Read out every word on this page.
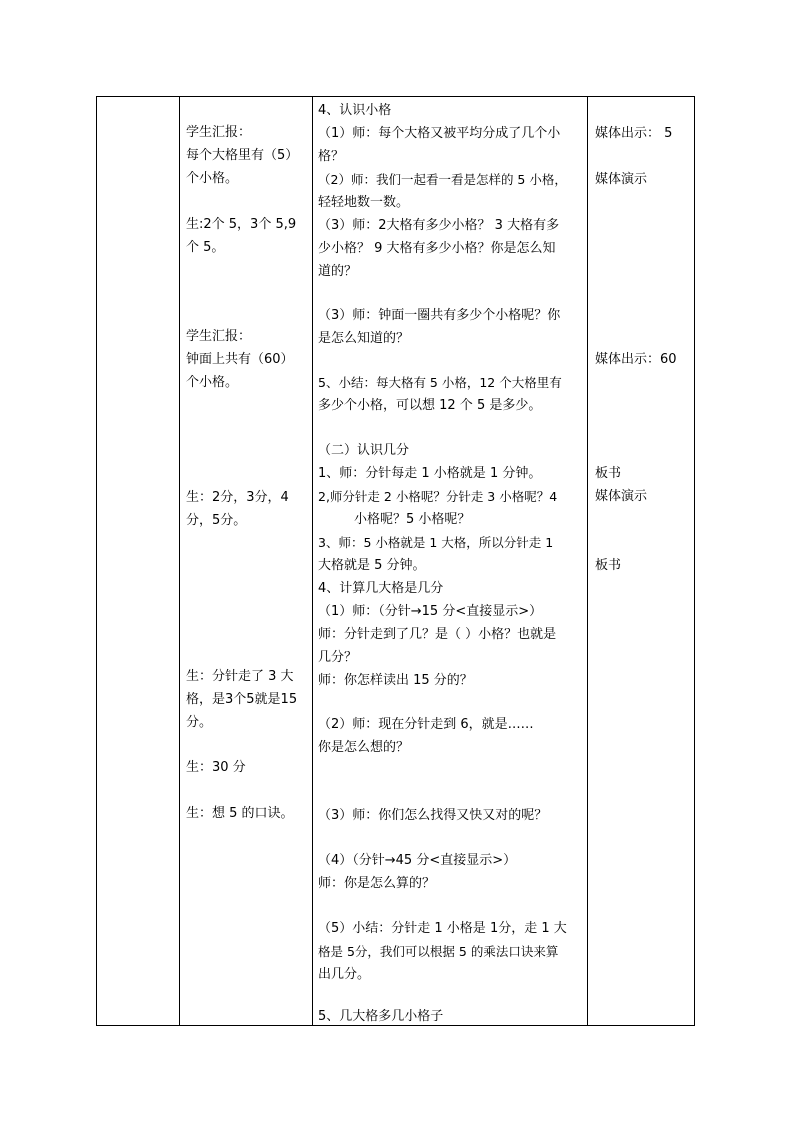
学生汇报：
每个大格里有（5）
个小格。
生:2个 5，3个 5,9
个 5。
学生汇报：
钟面上共有（60）
个小格。
生：2分，3分，4
分，5分。
生：分针走了 3 大
格，是3个5就是15
分。
生：30 分
生：想 5 的口诀。
4、认识小格
（1）师：每个大格又被平均分成了几个小
格？
（2）师：我们一起看一看是怎样的 5 小格，
轻轻地数一数。
（3）师：2大格有多少小格？ 3 大格有多
少小格？ 9 大格有多少小格？你是怎么知
道的？
（3）师：钟面一圈共有多少个小格呢？你
是怎么知道的？
5、小结：每大格有 5 小格，12 个大格里有
多少个小格，可以想 12 个 5 是多少。
（二）认识几分
1、师：分针每走 1 小格就是 1 分钟。
2,师分针走 2 小格呢？分针走 3 小格呢？4
小格呢？5 小格呢？
3、师：5 小格就是 1 大格，所以分针走 1
大格就是 5 分钟。
4、计算几大格是几分
（1）师：（分针→15 分<直接显示>）
师：分针走到了几？是（ ）小格？也就是
几分？
师：你怎样读出 15 分的？
（2）师：现在分针走到 6，就是……
你是怎么想的？
（3）师：你们怎么找得又快又对的呢？
（4）（分针→45 分<直接显示>）
师：你是怎么算的？
（5）小结：分针走 1 小格是 1分，走 1 大
格是 5分，我们可以根据 5 的乘法口诀来算
出几分。
5、几大格多几小格子
媒体出示： 5
媒体演示
媒体出示：60
板书
媒体演示
板书
